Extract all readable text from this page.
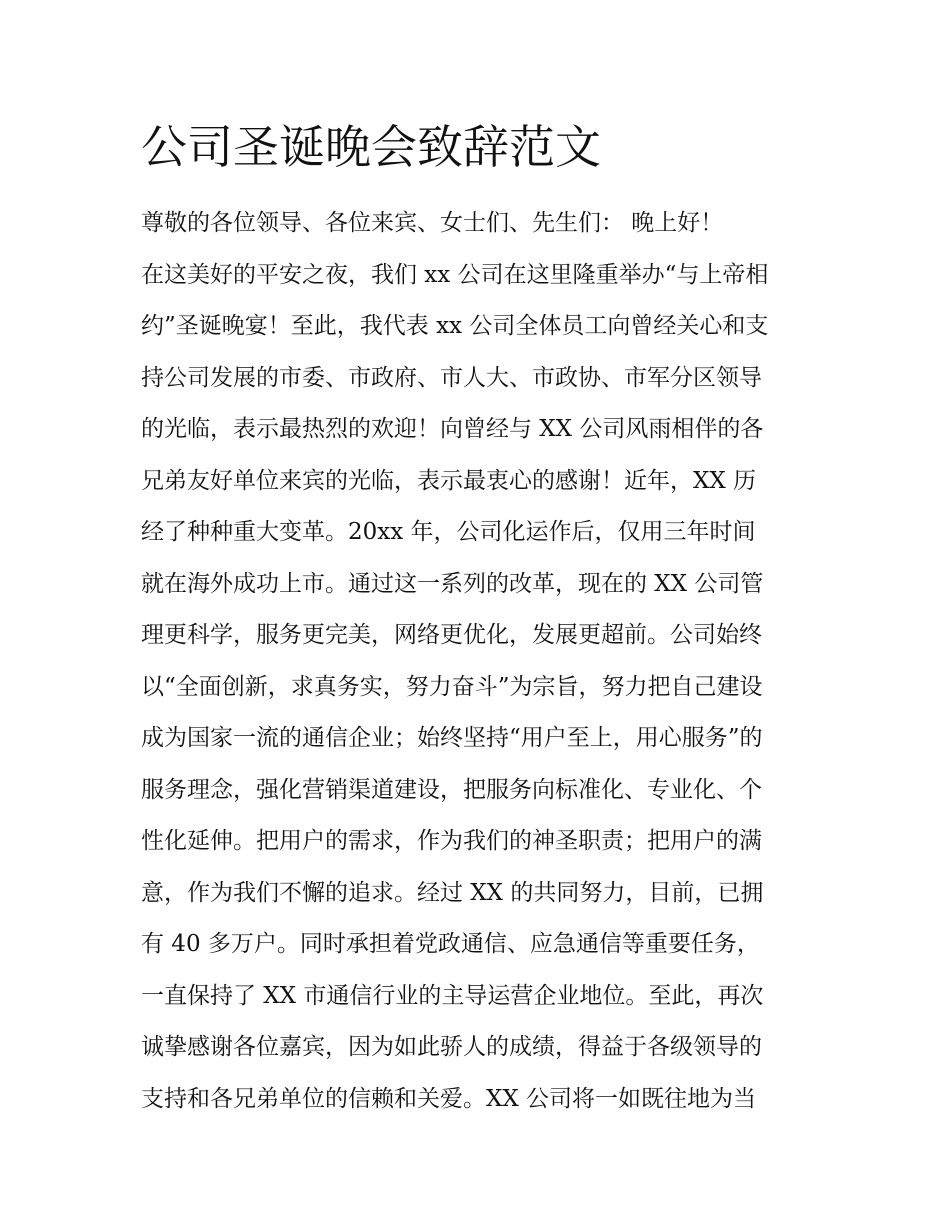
公司圣诞晚会致辞范文
尊敬的各位领导、各位来宾、女士们、先生们： 晚上好！
在这美好的平安之夜，我们 xx 公司在这里隆重举办“与上帝相
约”圣诞晚宴！至此，我代表 xx 公司全体员工向曾经关心和支
持公司发展的市委、市政府、市人大、市政协、市军分区领导
的光临，表示最热烈的欢迎！向曾经与 XX 公司风雨相伴的各
兄弟友好单位来宾的光临，表示最衷心的感谢！近年，XX 历
经了种种重大变革。20xx 年，公司化运作后，仅用三年时间
就在海外成功上市。通过这一系列的改革，现在的 XX 公司管
理更科学，服务更完美，网络更优化，发展更超前。公司始终
以“全面创新，求真务实，努力奋斗”为宗旨，努力把自己建设
成为国家一流的通信企业；始终坚持“用户至上，用心服务”的
服务理念，强化营销渠道建设，把服务向标准化、专业化、个
性化延伸。把用户的需求，作为我们的神圣职责；把用户的满
意，作为我们不懈的追求。经过 XX 的共同努力，目前，已拥
有 40 多万户。同时承担着党政通信、应急通信等重要任务，
一直保持了 XX 市通信行业的主导运营企业地位。至此，再次
诚挚感谢各位嘉宾，因为如此骄人的成绩，得益于各级领导的
支持和各兄弟单位的信赖和关爱。XX 公司将一如既往地为当
